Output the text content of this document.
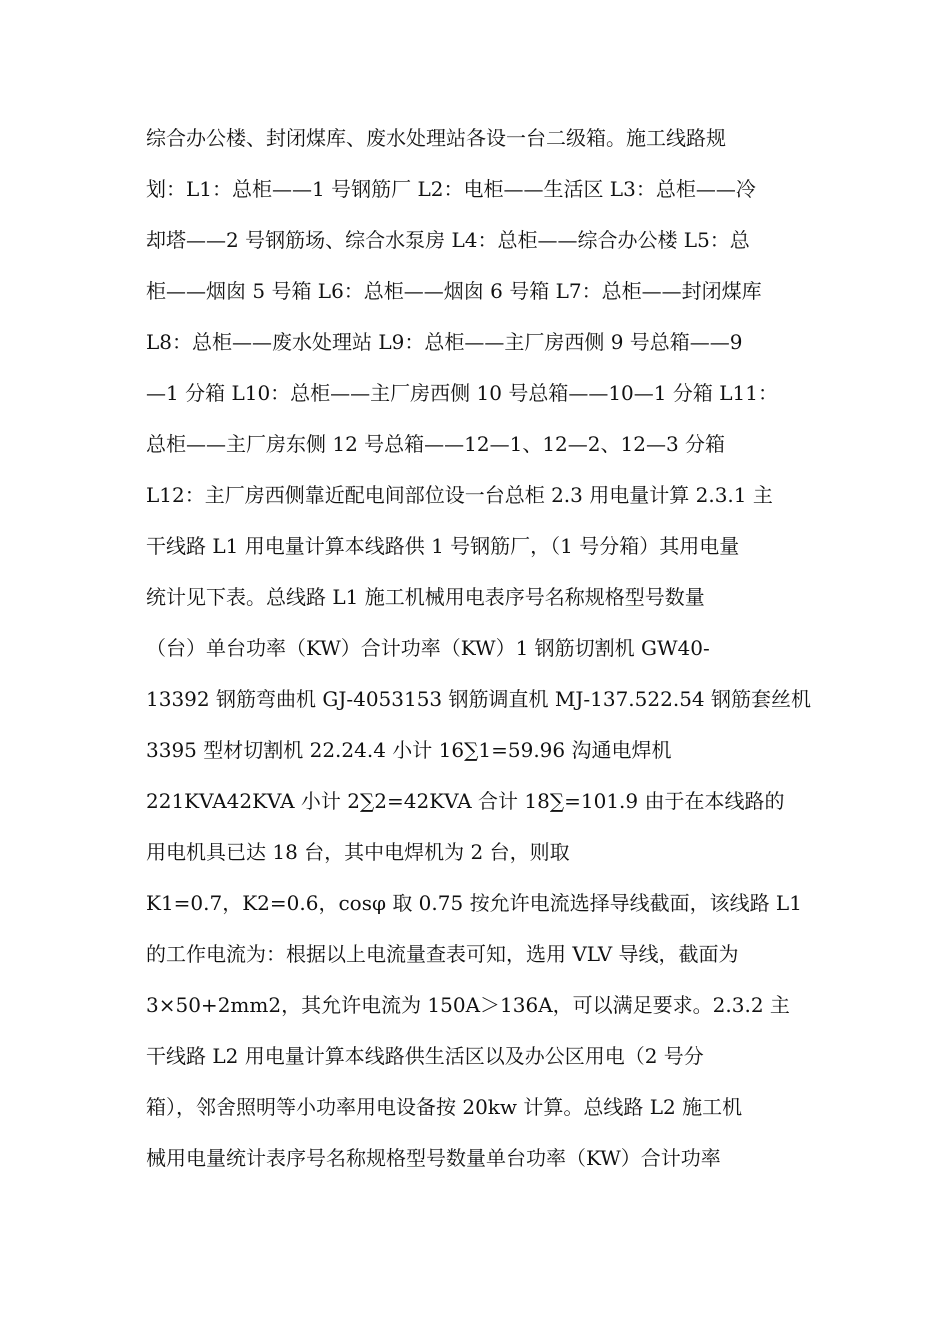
综合办公楼、封闭煤库、废水处理站各设一台二级箱。施工线路规
划：L1：总柜——1 号钢筋厂 L2：电柜——生活区 L3：总柜——冷
却塔——2 号钢筋场、综合水泵房 L4：总柜——综合办公楼 L5：总
柜——烟囱 5 号箱 L6：总柜——烟囱 6 号箱 L7：总柜——封闭煤库
L8：总柜——废水处理站 L9：总柜——主厂房西侧 9 号总箱——9
—1 分箱 L10：总柜——主厂房西侧 10 号总箱——10—1 分箱 L11：
总柜——主厂房东侧 12 号总箱——12—1、12—2、12—3 分箱
L12：主厂房西侧靠近配电间部位设一台总柜 2.3 用电量计算 2.3.1 主
干线路 L1 用电量计算本线路供 1 号钢筋厂，（1 号分箱）其用电量
统计见下表。总线路 L1 施工机械用电表序号名称规格型号数量
（台）单台功率（KW）合计功率（KW）1 钢筋切割机 GW40-
13392 钢筋弯曲机 GJ-4053153 钢筋调直机 MJ-137.522.54 钢筋套丝机
3395 型材切割机 22.24.4 小计 16∑1=59.96 沟通电焊机
221KVA42KVA 小计 2∑2=42KVA 合计 18∑=101.9 由于在本线路的
用电机具已达 18 台，其中电焊机为 2 台，则取
K1=0.7，K2=0.6，cosφ 取 0.75 按允许电流选择导线截面，该线路 L1
的工作电流为：根据以上电流量查表可知，选用 VLV 导线，截面为
3×50+2mm2，其允许电流为 150A＞136A，可以满足要求。2.3.2 主
干线路 L2 用电量计算本线路供生活区以及办公区用电（2 号分
箱），邻舍照明等小功率用电设备按 20kw 计算。总线路 L2 施工机
械用电量统计表序号名称规格型号数量单台功率（KW）合计功率
